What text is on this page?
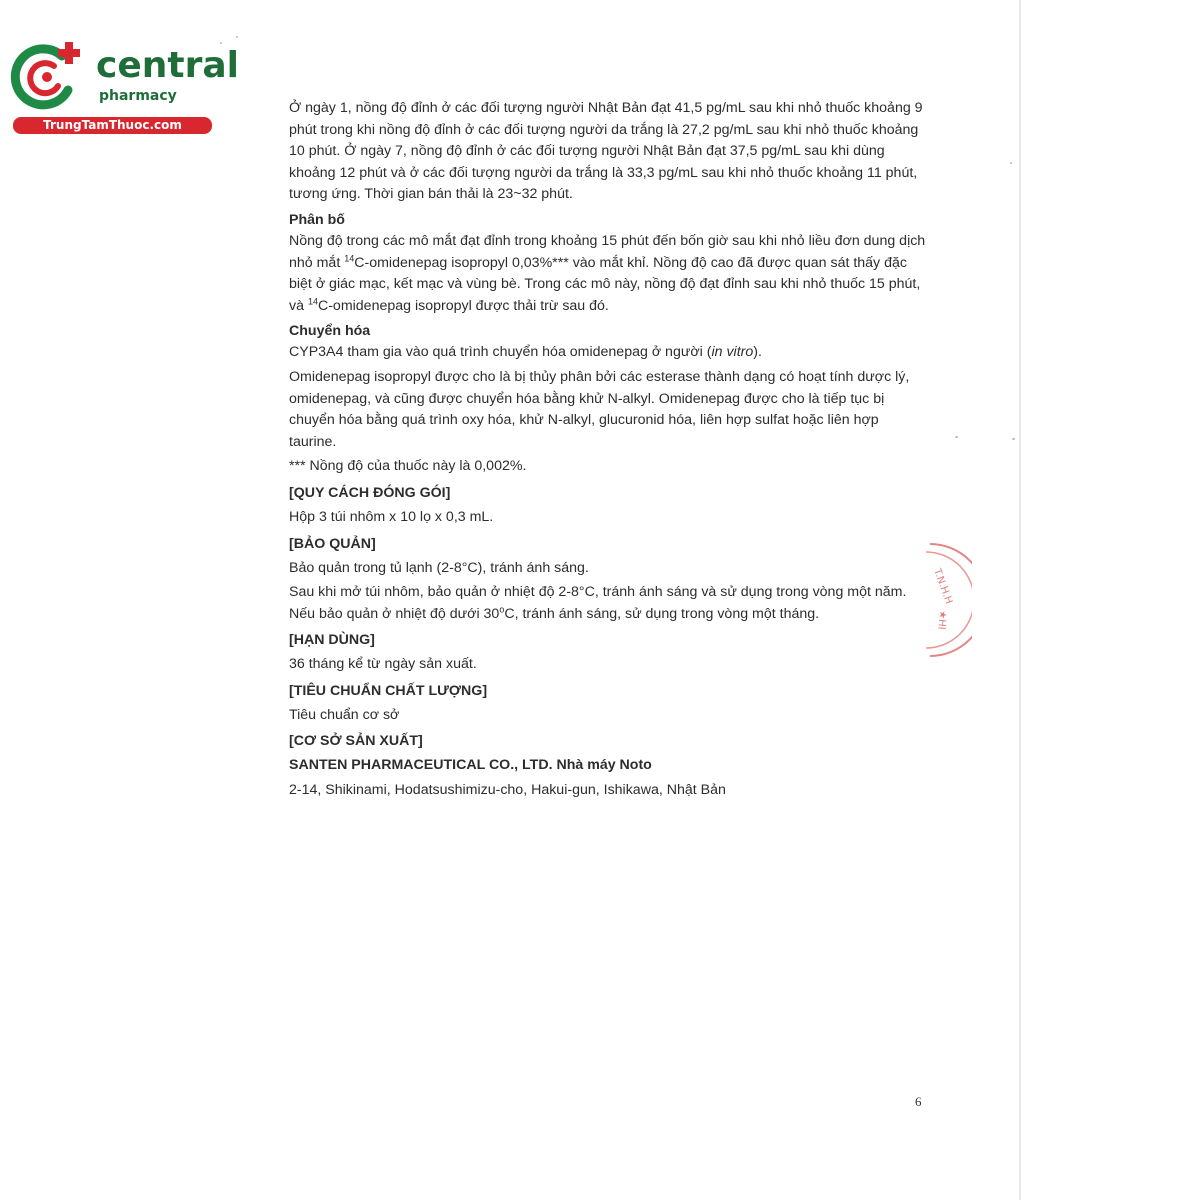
central
pharmacy
TrungTamThuoc.com

Ở ngày 1, nồng độ đỉnh ở các đối tượng người Nhật Bản đạt 41,5 pg/mL sau khi nhỏ thuốc khoảng 9 phút trong khi nồng độ đỉnh ở các đối tượng người da trắng là 27,2 pg/mL sau khi nhỏ thuốc khoảng 10 phút. Ở ngày 7, nồng độ đỉnh ở các đối tượng người Nhật Bản đạt 37,5 pg/mL sau khi dùng khoảng 12 phút và ở các đối tượng người da trắng là 33,3 pg/mL sau khi nhỏ thuốc khoảng 11 phút, tương ứng. Thời gian bán thải là 23~32 phút.

Phân bố

Nồng độ trong các mô mắt đạt đỉnh trong khoảng 15 phút đến bốn giờ sau khi nhỏ liều đơn dung dịch nhỏ mắt $^{14}$C-omidenepag isopropyl 0,03%*** vào mắt khỉ. Nồng độ cao đã được quan sát thấy đặc biệt ở giác mạc, kết mạc và vùng bè. Trong các mô này, nồng độ đạt đỉnh sau khi nhỏ thuốc 15 phút, và $^{14}$C-omidenepag isopropyl được thải trừ sau đó.

Chuyển hóa

CYP3A4 tham gia vào quá trình chuyển hóa omidenepag ở người (in vitro).

Omidenepag isopropyl được cho là bị thủy phân bởi các esterase thành dạng có hoạt tính dược lý, omidenepag, và cũng được chuyển hóa bằng khử N-alkyl. Omidenepag được cho là tiếp tục bị chuyển hóa bằng quá trình oxy hóa, khử N-alkyl, glucuronid hóa, liên hợp sulfat hoặc liên hợp taurine.

*** Nồng độ của thuốc này là 0,002%.

[QUY CÁCH ĐÓNG GÓI]

Hộp 3 túi nhôm x 10 lọ x 0,3 mL.

[BẢO QUẢN]

Bảo quản trong tủ lạnh (2-8°C), tránh ánh sáng.

Sau khi mở túi nhôm, bảo quản ở nhiệt độ 2-8°C, tránh ánh sáng và sử dụng trong vòng một năm. Nếu bảo quản ở nhiệt độ dưới 30$^o$C, tránh ánh sáng, sử dụng trong vòng một tháng.

[HẠN DÙNG]

36 tháng kể từ ngày sản xuất.

[TIÊU CHUẨN CHẤT LƯỢNG]

Tiêu chuẩn cơ sở

[CƠ SỞ SẢN XUẤT]

SANTEN PHARMACEUTICAL CO., LTD. Nhà máy Noto

2-14, Shikinami, Hodatsushimizu-cho, Hakui-gun, Ishikawa, Nhật Bản

T.N.H.H
★HI
6
